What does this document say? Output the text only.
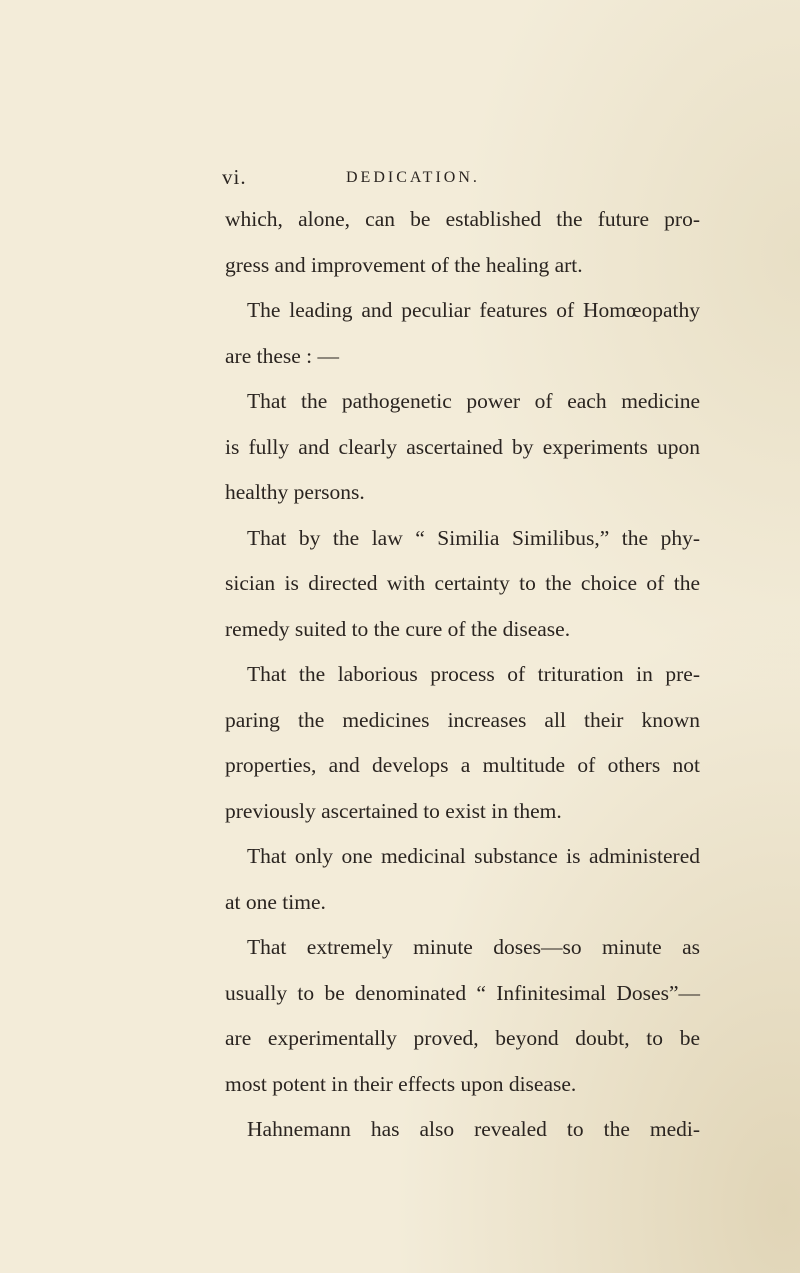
vi.	DEDICATION.
which, alone, can be established the future pro-
gress and improvement of the healing art.
The leading and peculiar features of Homœopathy
are these : —
That the pathogenetic power of each medicine
is fully and clearly ascertained by experiments upon
healthy persons.
That by the law “ Similia Similibus,” the phy-
sician is directed with certainty to the choice of the
remedy suited to the cure of the disease.
That the laborious process of trituration in pre-
paring the medicines increases all their known
properties, and develops a multitude of others not
previously ascertained to exist in them.
That only one medicinal substance is administered
at one time.
That extremely minute doses—so minute as
usually to be denominated “ Infinitesimal Doses”—
are experimentally proved, beyond doubt, to be
most potent in their effects upon disease.
Hahnemann has also revealed to the medi-
